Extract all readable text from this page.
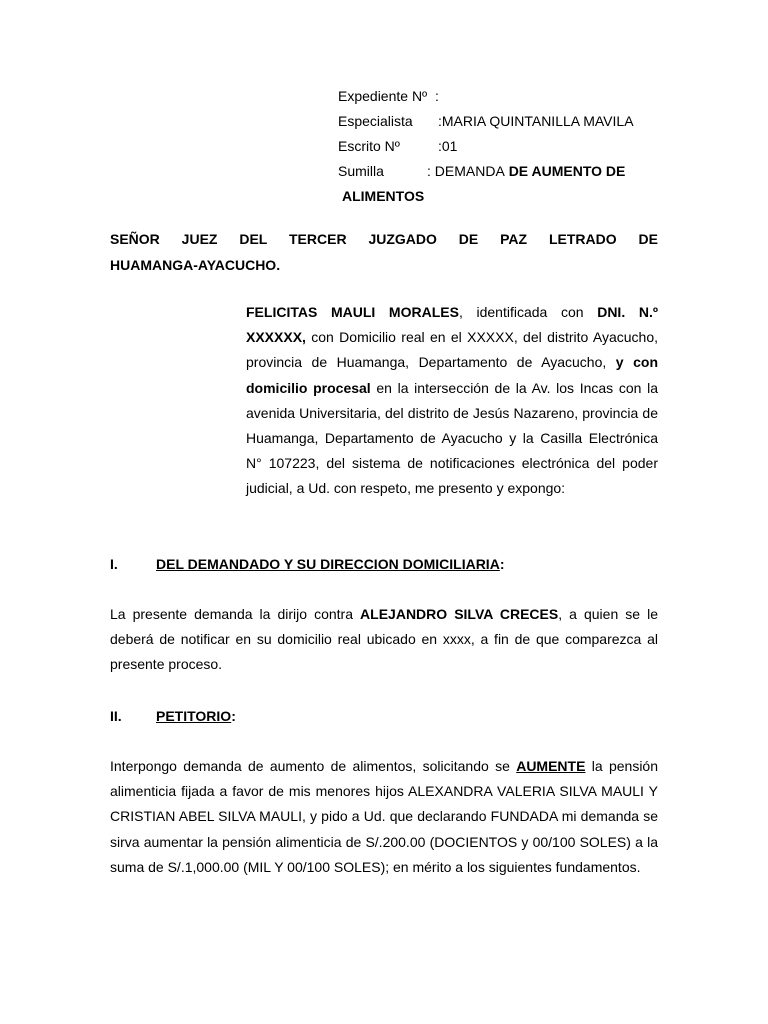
Expediente Nº :
Especialista	:MARIA QUINTANILLA MAVILA
Escrito Nº	:01
Sumilla	: DEMANDA
DE AUMENTO DE
ALIMENTOS
SEÑOR JUEZ DEL TERCER JUZGADO DE PAZ LETRADO DE
HUAMANGA-AYACUCHO.
FELICITAS MAULI MORALES, identificada con DNI. N.º XXXXXX, con Domicilio real en el XXXXX, del distrito Ayacucho, provincia de Huamanga, Departamento de Ayacucho, y con domicilio procesal en la intersección de la Av. los Incas con la avenida Universitaria, del distrito de Jesús Nazareno, provincia de Huamanga, Departamento de Ayacucho y la Casilla Electrónica N° 107223, del sistema de notificaciones electrónica del poder judicial, a Ud. con respeto, me presento y expongo:
I.	DEL DEMANDADO Y SU DIRECCION DOMICILIARIA:
La presente demanda la dirijo contra ALEJANDRO SILVA CRECES, a quien se le deberá de notificar en su domicilio real ubicado en xxxx, a fin de que comparezca al presente proceso.
II. PETITORIO:
Interpongo demanda de aumento de alimentos, solicitando se AUMENTE la pensión alimenticia fijada a favor de mis menores hijos ALEXANDRA VALERIA SILVA MAULI Y CRISTIAN ABEL SILVA MAULI, y pido a Ud. que declarando FUNDADA mi demanda se sirva aumentar la pensión alimenticia de S/.200.00 (DOCIENTOS y 00/100 SOLES) a la suma de S/.1,000.00 (MIL Y 00/100 SOLES); en mérito a los siguientes fundamentos.
